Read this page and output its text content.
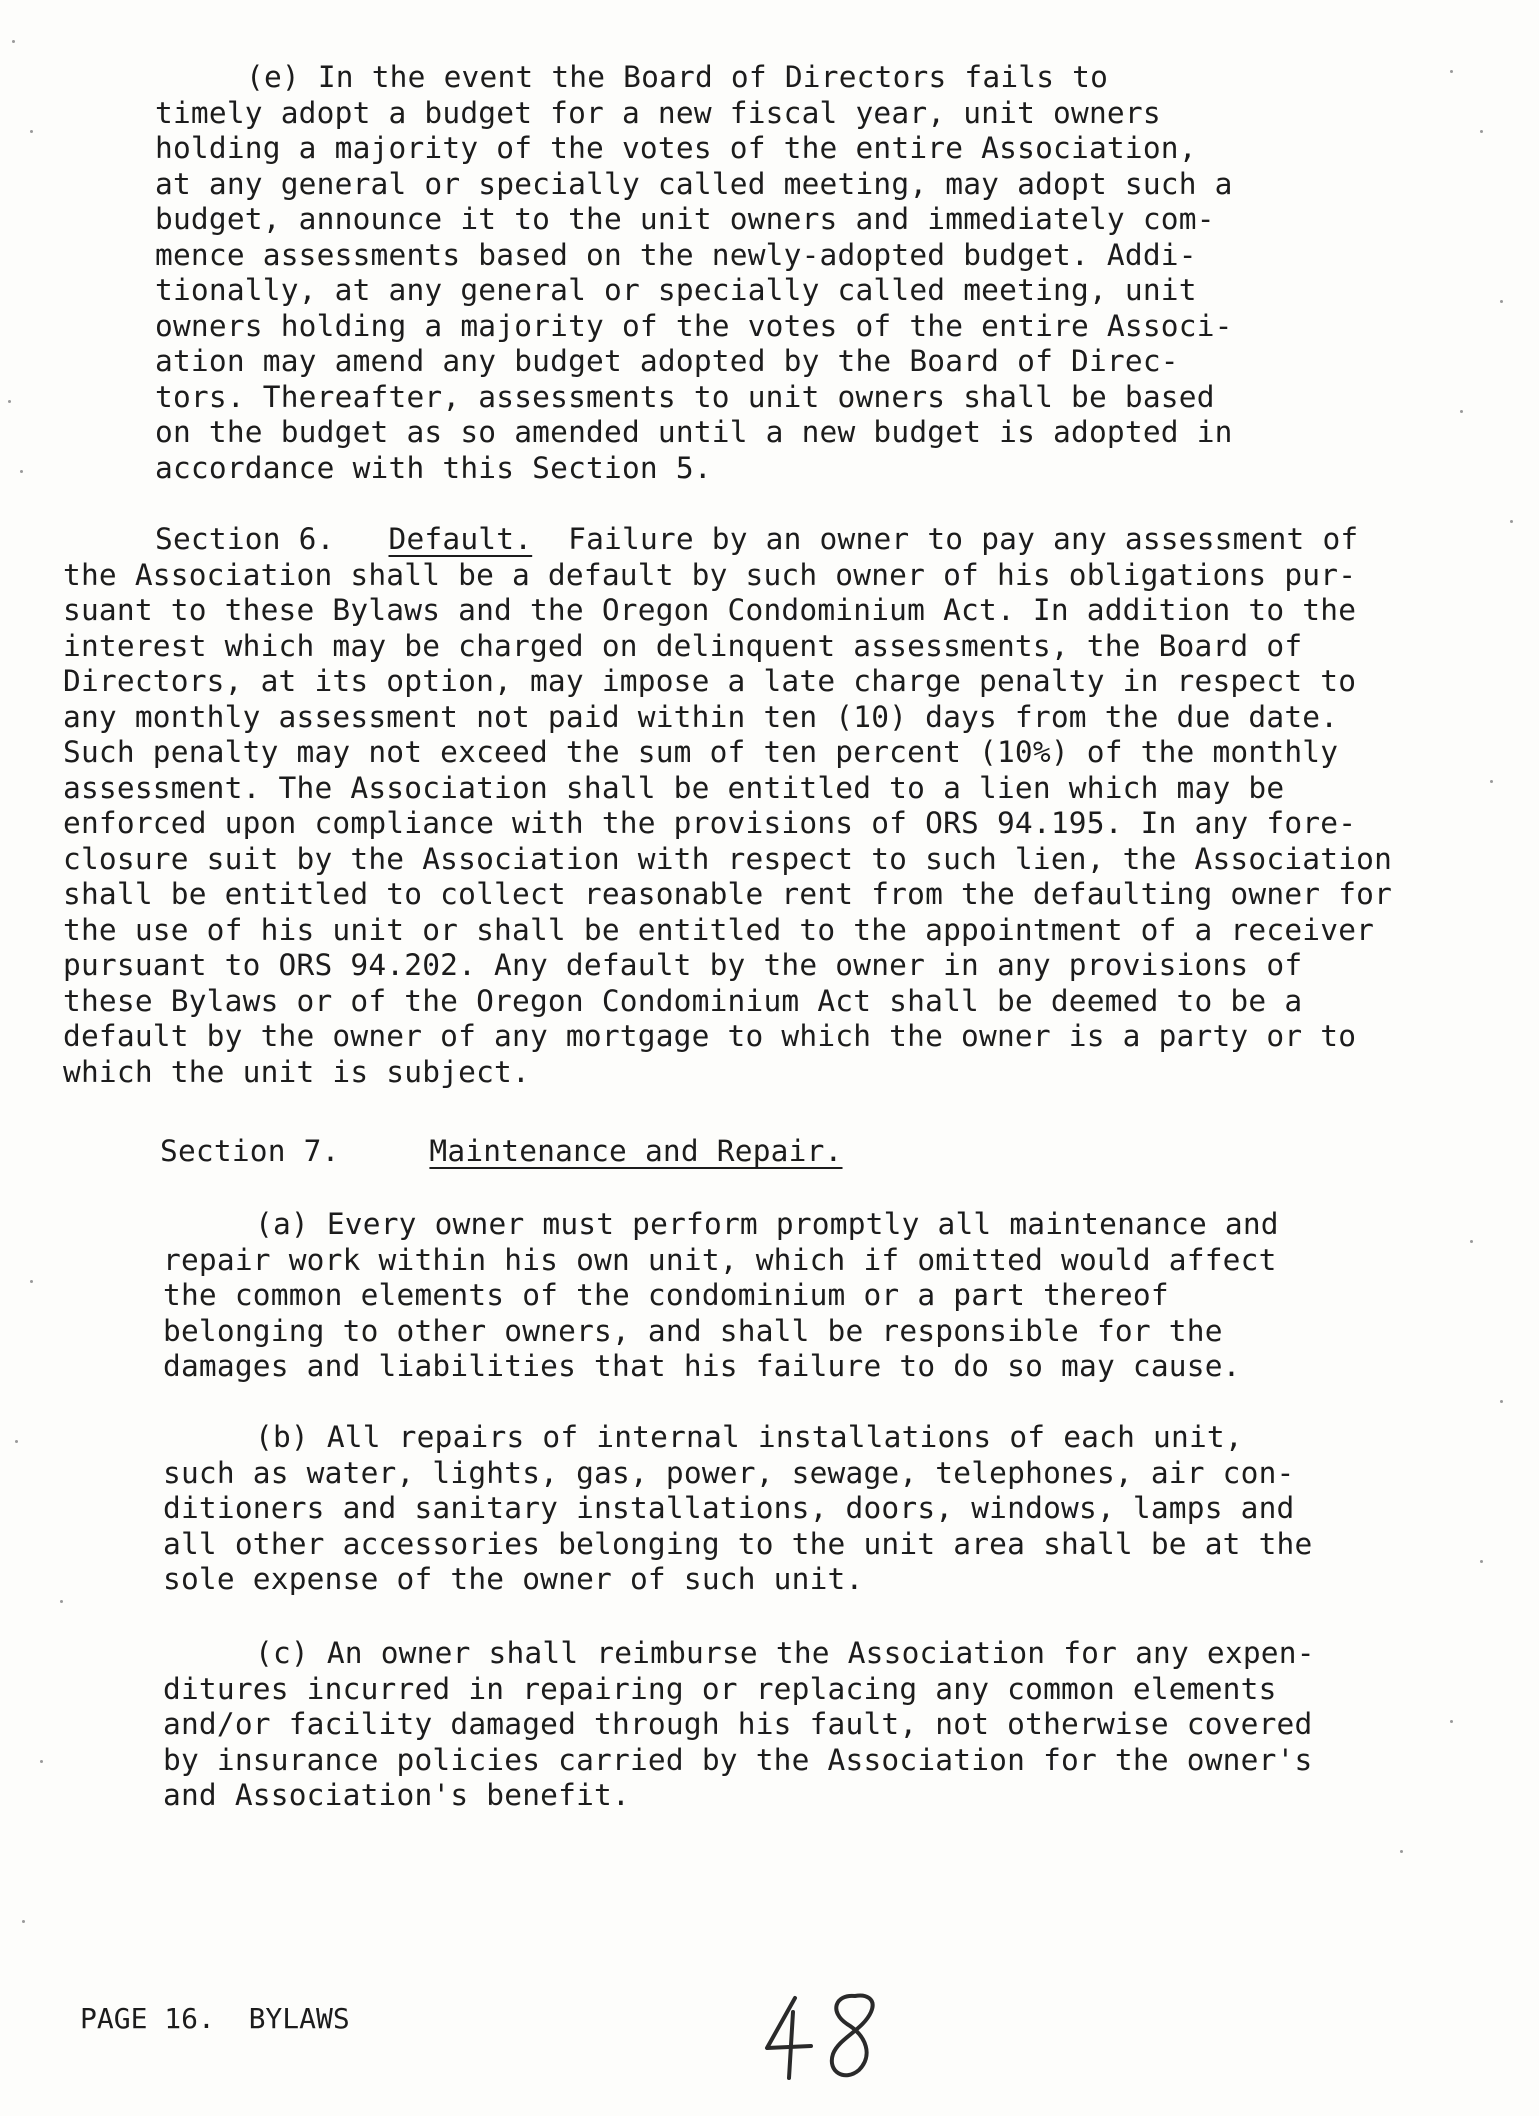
(e) In the event the Board of Directors fails to
timely adopt a budget for a new fiscal year, unit owners
holding a majority of the votes of the entire Association,
at any general or specially called meeting, may adopt such a
budget, announce it to the unit owners and immediately com-
mence assessments based on the newly-adopted budget. Addi-
tionally, at any general or specially called meeting, unit
owners holding a majority of the votes of the entire Associ-
ation may amend any budget adopted by the Board of Direc-
tors. Thereafter, assessments to unit owners shall be based
on the budget as so amended until a new budget is adopted in
accordance with this Section 5.
Section 6. Default. Failure by an owner to pay any assessment of
the Association shall be a default by such owner of his obligations pur-
suant to these Bylaws and the Oregon Condominium Act. In addition to the
interest which may be charged on delinquent assessments, the Board of
Directors, at its option, may impose a late charge penalty in respect to
any monthly assessment not paid within ten (10) days from the due date.
Such penalty may not exceed the sum of ten percent (10%) of the monthly
assessment. The Association shall be entitled to a lien which may be
enforced upon compliance with the provisions of ORS 94.195. In any fore-
closure suit by the Association with respect to such lien, the Association
shall be entitled to collect reasonable rent from the defaulting owner for
the use of his unit or shall be entitled to the appointment of a receiver
pursuant to ORS 94.202. Any default by the owner in any provisions of
these Bylaws or of the Oregon Condominium Act shall be deemed to be a
default by the owner of any mortgage to which the owner is a party or to
which the unit is subject.
Section 7.	Maintenance and Repair.
(a) Every owner must perform promptly all maintenance and
repair work within his own unit, which if omitted would affect
the common elements of the condominium or a part thereof
belonging to other owners, and shall be responsible for the
damages and liabilities that his failure to do so may cause.
(b) All repairs of internal installations of each unit,
such as water, lights, gas, power, sewage, telephones, air con-
ditioners and sanitary installations, doors, windows, lamps and
all other accessories belonging to the unit area shall be at the
sole expense of the owner of such unit.
(c) An owner shall reimburse the Association for any expen-
ditures incurred in repairing or replacing any common elements
and/or facility damaged through his fault, not otherwise covered
by insurance policies carried by the Association for the owner's
and Association's benefit.
PAGE 16.  BYLAWS
